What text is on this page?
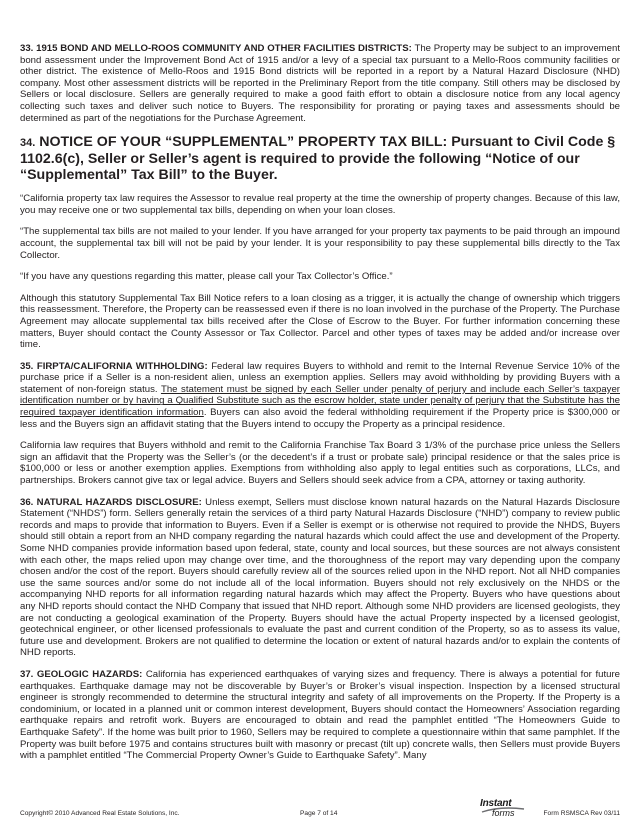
33. 1915 BOND AND MELLO-ROOS COMMUNITY AND OTHER FACILITIES DISTRICTS: The Property may be subject to an improvement bond assessment under the Improvement Bond Act of 1915 and/or a levy of a special tax pursuant to a Mello-Roos community facilities or other district. The existence of Mello-Roos and 1915 Bond districts will be reported in a report by a Natural Hazard Disclosure (NHD) company. Most other assessment districts will be reported in the Preliminary Report from the title company. Still others may be disclosed by Sellers or local disclosure. Sellers are generally required to make a good faith effort to obtain a disclosure notice from any local agency collecting such taxes and deliver such notice to Buyers. The responsibility for prorating or paying taxes and assessments should be determined as part of the negotiations for the Purchase Agreement.

34. NOTICE OF YOUR “SUPPLEMENTAL” PROPERTY TAX BILL: Pursuant to Civil Code § 1102.6(c), Seller or Seller’s agent is required to provide the following “Notice of our “Supplemental” Tax Bill” to the Buyer.

“California property tax law requires the Assessor to revalue real property at the time the ownership of property changes. Because of this law, you may receive one or two supplemental tax bills, depending on when your loan closes.

“The supplemental tax bills are not mailed to your lender. If you have arranged for your property tax payments to be paid through an impound account, the supplemental tax bill will not be paid by your lender. It is your responsibility to pay these supplemental bills directly to the Tax Collector.

“If you have any questions regarding this matter, please call your Tax Collector’s Office.”

Although this statutory Supplemental Tax Bill Notice refers to a loan closing as a trigger, it is actually the change of ownership which triggers this reassessment. Therefore, the Property can be reassessed even if there is no loan involved in the purchase of the Property. The Purchase Agreement may allocate supplemental tax bills received after the Close of Escrow to the Buyer. For further information concerning these matters, Buyer should contact the County Assessor or Tax Collector. Parcel and other types of taxes may be added and/or increase over time.

35. FIRPTA/CALIFORNIA WITHHOLDING: Federal law requires Buyers to withhold and remit to the Internal Revenue Service 10% of the purchase price if a Seller is a non-resident alien, unless an exemption applies. Sellers may avoid withholding by providing Buyers with a statement of non-foreign status. The statement must be signed by each Seller under penalty of perjury and include each Seller’s taxpayer identification number or by having a Qualified Substitute such as the escrow holder, state under penalty of perjury that the Substitute has the required taxpayer identification information. Buyers can also avoid the federal withholding requirement if the Property price is $300,000 or less and the Buyers sign an affidavit stating that the Buyers intend to occupy the Property as a principal residence.

California law requires that Buyers withhold and remit to the California Franchise Tax Board 3 1/3% of the purchase price unless the Sellers sign an affidavit that the Property was the Seller’s (or the decedent’s if a trust or probate sale) principal residence or that the sales price is $100,000 or less or another exemption applies. Exemptions from withholding also apply to legal entities such as corporations, LLCs, and partnerships. Brokers cannot give tax or legal advice. Buyers and Sellers should seek advice from a CPA, attorney or taxing authority.

36. NATURAL HAZARDS DISCLOSURE: Unless exempt, Sellers must disclose known natural hazards on the Natural Hazards Disclosure Statement (“NHDS”) form. Sellers generally retain the services of a third party Natural Hazards Disclosure (“NHD”) company to review public records and maps to provide that information to Buyers. Even if a Seller is exempt or is otherwise not required to provide the NHDS, Buyers should still obtain a report from an NHD company regarding the natural hazards which could affect the use and development of the Property. Some NHD companies provide information based upon federal, state, county and local sources, but these sources are not always consistent with each other, the maps relied upon may change over time, and the thoroughness of the report may vary depending upon the company chosen and/or the cost of the report. Buyers should carefully review all of the sources relied upon in the NHD report. Not all NHD companies use the same sources and/or some do not include all of the local information. Buyers should not rely exclusively on the NHDS or the accompanying NHD reports for all information regarding natural hazards which may affect the Property. Buyers who have questions about any NHD reports should contact the NHD Company that issued that NHD report. Although some NHD providers are licensed geologists, they are not conducting a geological examination of the Property. Buyers should have the actual Property inspected by a licensed geologist, geotechnical engineer, or other licensed professionals to evaluate the past and current condition of the Property, so as to assess its value, future use and development. Brokers are not qualified to determine the location or extent of natural hazards and/or to explain the contents of NHD reports.

37. GEOLOGIC HAZARDS: California has experienced earthquakes of varying sizes and frequency. There is always a potential for future earthquakes. Earthquake damage may not be discoverable by Buyer’s or Broker’s visual inspection. Inspection by a licensed structural engineer is strongly recommended to determine the structural integrity and safety of all improvements on the Property. If the Property is a condominium, or located in a planned unit or common interest development, Buyers should contact the Homeowners’ Association regarding earthquake repairs and retrofit work. Buyers are encouraged to obtain and read the pamphlet entitled “The Homeowners Guide to Earthquake Safety”. If the home was built prior to 1960, Sellers may be required to complete a questionnaire within that same pamphlet. If the Property was built before 1975 and contains structures built with masonry or precast (tilt up) concrete walls, then Sellers must provide Buyers with a pamphlet entitled “The Commercial Property Owner’s Guide to Earthquake Safety”. Many

Copyright© 2010 Advanced Real Estate Solutions, Inc.	Page 7 of 14
Instant
forms	Form RSMSCA Rev 03/11
